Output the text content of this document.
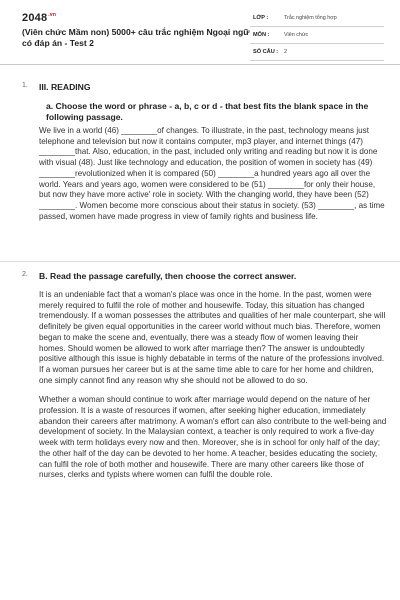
$2048^{.vn}$
(Viên chức Mầm non) 5000+ câu trắc nghiệm Ngoại ngữ có đáp án - Test 2
LỚP :	Trắc nghiệm tổng hợp
MÔN :	Viên chức
SỐ CÂU : 2
1. III. READING
a. Choose the word or phrase - a, b, c or d - that best fits the blank space in the following passage.

We live in a world (46) ________of changes. To illustrate, in the past, technology means just telephone and television but now it contains computer, mp3 player, and internet things (47) ________that. Also, education, in the past, included only writing and reading but now it is done with visual (48). Just like technology and education, the position of women in society has (49) ________revolutionized when it is compared (50) ________a hundred years ago all over the world. Years and years ago, women were considered to be (51) ________for only their house, but now they have more active' role in society. With the changing world, they have been (52) ________. Women become more conscious about their status in society. (53) ________, as time passed, women have made progress in view of family rights and business life.

2. B. Read the passage carefully, then choose the correct answer.

It is an undeniable fact that a woman's place was once in the home. In the past, women were merely required to fulfil the role of mother and housewife. Today, this situation has changed tremendously. If a woman possesses the attributes and qualities of her male counterpart, she will definitely be given equal opportunities in the career world without much bias. Therefore, women began to make the scene and, eventually, there was a steady flow of women leaving their homes. Should women be allowed to work after marriage then? The answer is undoubtedly positive although this issue is highly debatable in terms of the nature of the professions involved. If a woman pursues her career but is at the same time able to care for her home and children, one simply cannot find any reason why she should not be allowed to do so.

Whether a woman should continue to work after marriage would depend on the nature of her profession. It is a waste of resources if women, after seeking higher education, immediately abandon their careers after matrimony. A woman's effort can also contribute to the well-being and development of society. In the Malaysian context, a teacher is only required to work a five-day week with term holidays every now and then. Moreover, she is in school for only half of the day; the other half of the day can be devoted to her home. A teacher, besides educating the society, can fulfil the role of both mother and housewife. There are many other careers like those of nurses, clerks and typists where women can fulfil the double role.
